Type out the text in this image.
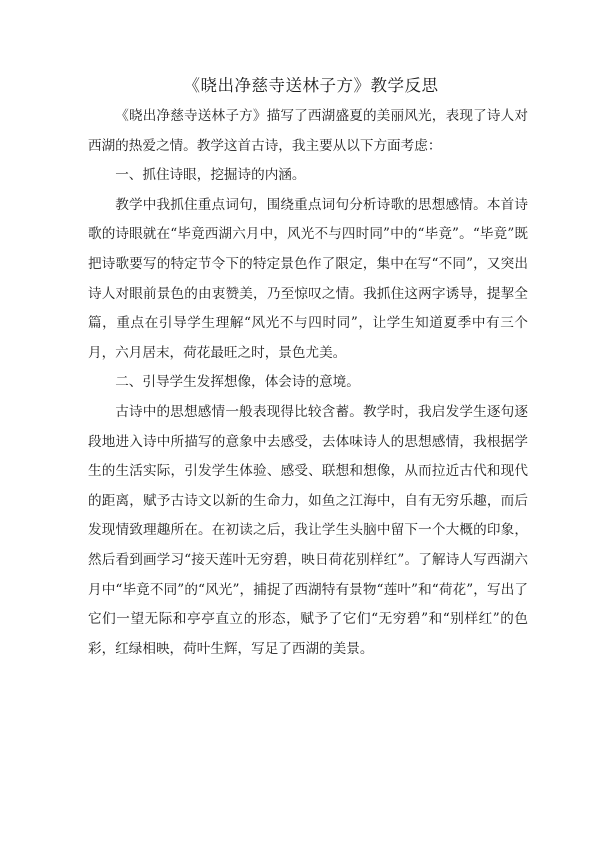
《晓出净慈寺送林子方》教学反思

《晓出净慈寺送林子方》描写了西湖盛夏的美丽风光，表现了诗人对西湖的热爱之情。教学这首古诗，我主要从以下方面考虑：

一、抓住诗眼，挖掘诗的内涵。

教学中我抓住重点词句，围绕重点词句分析诗歌的思想感情。本首诗歌的诗眼就在“毕竟西湖六月中，风光不与四时同”中的“毕竟”。“毕竟”既把诗歌要写的特定节令下的特定景色作了限定，集中在写“不同”，又突出诗人对眼前景色的由衷赞美，乃至惊叹之情。我抓住这两字诱导，提挈全篇，重点在引导学生理解“风光不与四时同”，让学生知道夏季中有三个月，六月居末，荷花最旺之时，景色尤美。

二、引导学生发挥想像，体会诗的意境。

古诗中的思想感情一般表现得比较含蓄。教学时，我启发学生逐句逐段地进入诗中所描写的意象中去感受，去体味诗人的思想感情，我根据学生的生活实际，引发学生体验、感受、联想和想像，从而拉近古代和现代的距离，赋予古诗文以新的生命力，如鱼之江海中，自有无穷乐趣，而后发现情致理趣所在。在初读之后，我让学生头脑中留下一个大概的印象，然后看到画学习“接天莲叶无穷碧，映日荷花别样红”。了解诗人写西湖六月中“毕竟不同”的“风光”，捕捉了西湖特有景物“莲叶”和“荷花”，写出了它们一望无际和亭亭直立的形态，赋予了它们“无穷碧”和“别样红”的色彩，红绿相映，荷叶生辉，写足了西湖的美景。
